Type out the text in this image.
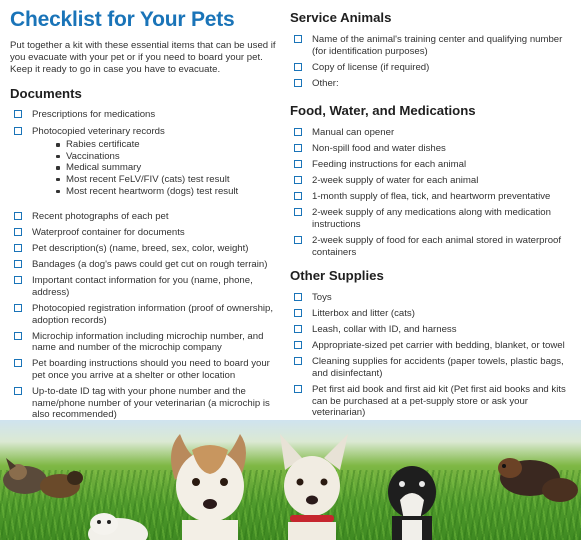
Checklist for Your Pets
Put together a kit with these essential items that can be used if you evacuate with your pet or if you need to board your pet. Keep it ready to go in case you have to evacuate.
Documents
Prescriptions for medications
Photocopied veterinary records
Rabies certificate
Vaccinations
Medical summary
Most recent FeLV/FIV (cats) test result
Most recent heartworm (dogs) test result
Recent photographs of each pet
Waterproof container for documents
Pet description(s) (name, breed, sex, color, weight)
Bandages (a dog's paws could get cut on rough terrain)
Important contact information for you (name, phone, address)
Photocopied registration information (proof of ownership, adoption records)
Microchip information including microchip number, and name and number of the microchip company
Pet boarding instructions should you need to board your pet once you arrive at a shelter or other location
Up-to-date ID tag with your phone number and the name/phone number of your veterinarian (a microchip is also recommended)
Service Animals
Name of the animal's training center and qualifying number (for identification purposes)
Copy of license (if required)
Other:
Food, Water, and Medications
Manual can opener
Non-spill food and water dishes
Feeding instructions for each animal
2-week supply of water for each animal
1-month supply of flea, tick, and heartworm preventative
2-week supply of any medications along with medication instructions
2-week supply of food for each animal stored in waterproof containers
Other Supplies
Toys
Litterbox and litter (cats)
Leash, collar with ID, and harness
Appropriate-sized pet carrier with bedding, blanket, or towel
Cleaning supplies for accidents (paper towels, plastic bags, and disinfectant)
Pet first aid book and first aid kit (Pet first aid books and kits can be purchased at a pet-supply store or ask your veterinarian)
